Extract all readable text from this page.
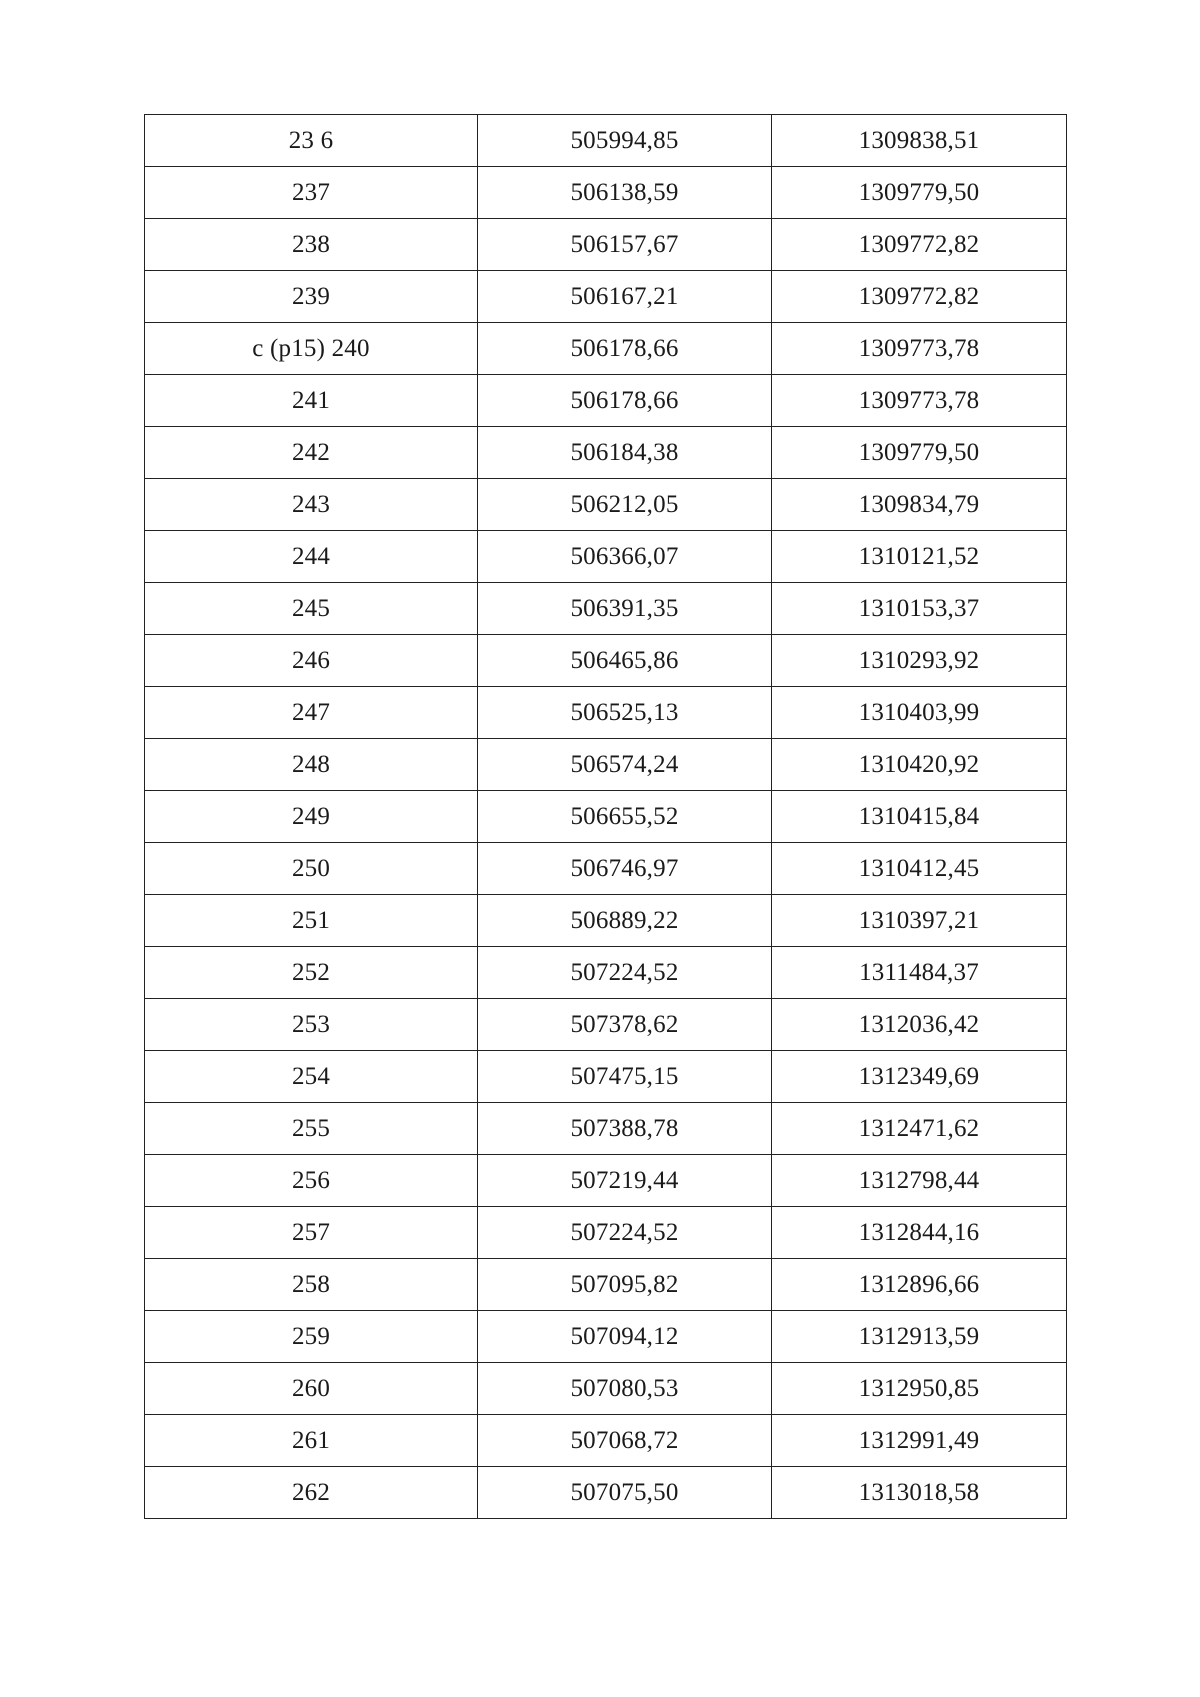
23 6	505994,85	1309838,51
237	506138,59	1309779,50
238	506157,67	1309772,82
239	506167,21	1309772,82
c (p15) 240	506178,66	1309773,78
241	506178,66	1309773,78
242	506184,38	1309779,50
243	506212,05	1309834,79
244	506366,07	1310121,52
245	506391,35	1310153,37
246	506465,86	1310293,92
247	506525,13	1310403,99
248	506574,24	1310420,92
249	506655,52	1310415,84
250	506746,97	1310412,45
251	506889,22	1310397,21
252	507224,52	1311484,37
253	507378,62	1312036,42
254	507475,15	1312349,69
255	507388,78	1312471,62
256	507219,44	1312798,44
257	507224,52	1312844,16
258	507095,82	1312896,66
259	507094,12	1312913,59
260	507080,53	1312950,85
261	507068,72	1312991,49
262	507075,50	1313018,58
